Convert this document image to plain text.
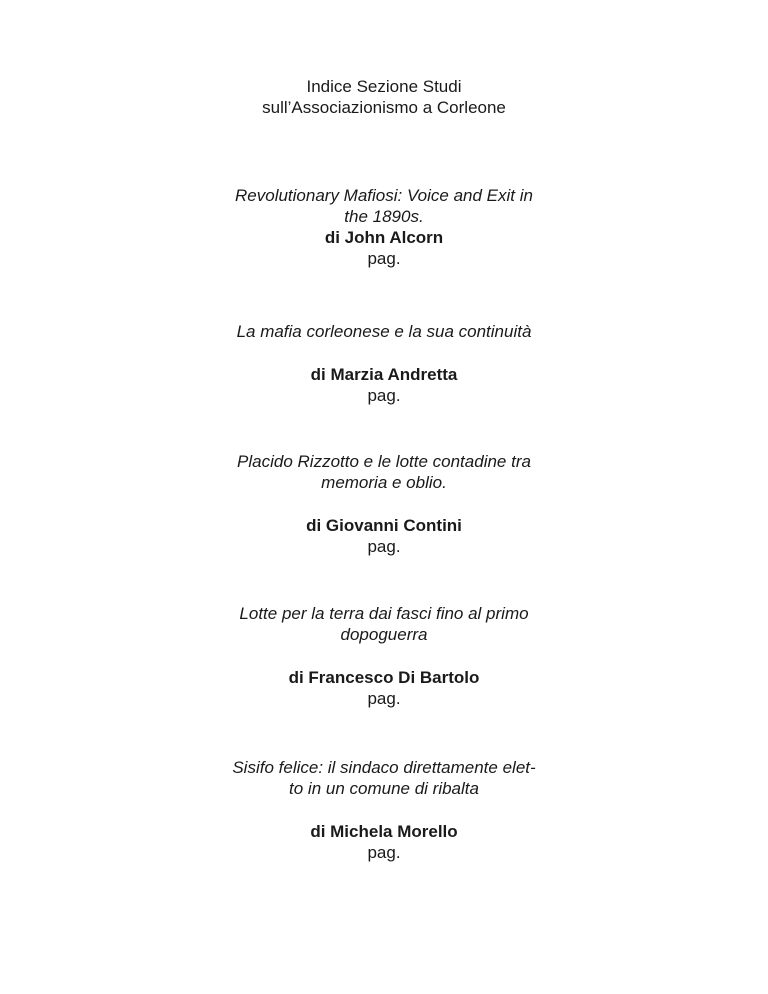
Indice Sezione Studi
sull’Associazionismo a Corleone
Revolutionary Mafiosi: Voice and Exit in
the 1890s.
di John Alcorn
pag.
La mafia corleonese e la sua continuità
di Marzia Andretta
pag.
Placido Rizzotto e le lotte contadine tra
memoria e oblio.
di Giovanni Contini
pag.
Lotte per la terra dai fasci fino al primo
dopoguerra
di Francesco Di Bartolo
pag.
Sisifo felice: il sindaco direttamente elet-
to in un comune di ribalta
di Michela Morello
pag.
